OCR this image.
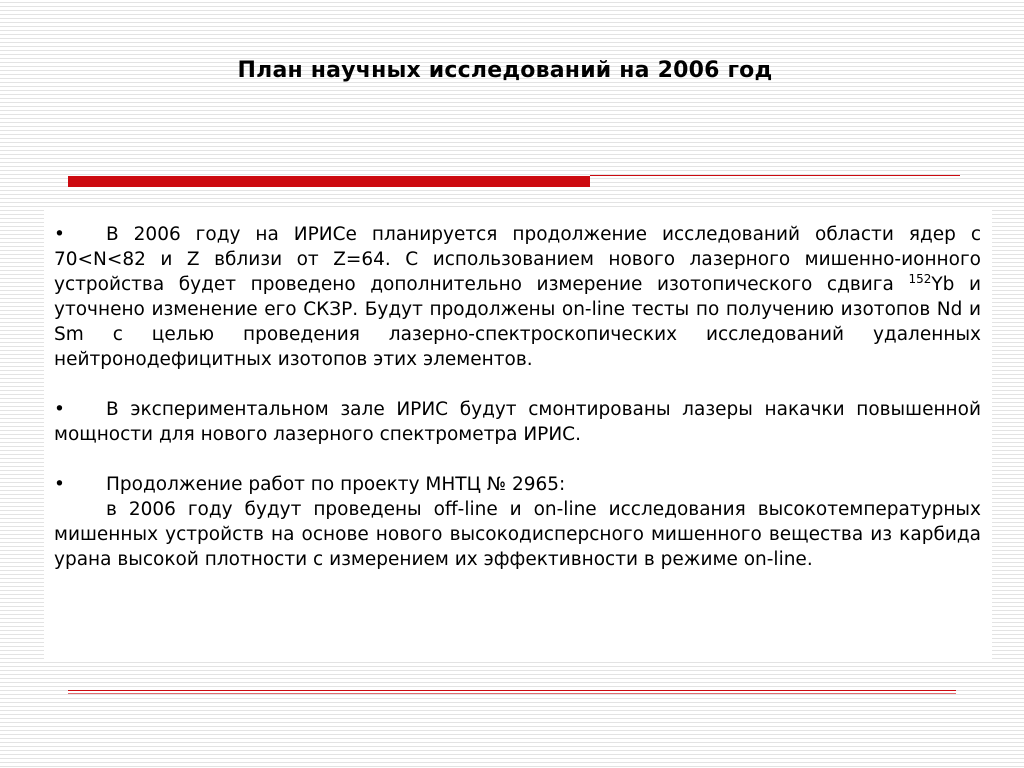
План научных исследований на 2006 год

• В 2006 году на ИРИСе планируется продолжение исследований области ядер с 70<N<82 и Z вблизи от Z=64. С использованием нового лазерного мишенно-ионного устройства будет проведено дополнительно измерение изотопического сдвига $^{152}$Yb и уточнено изменение его СКЗР. Будут продолжены on-line тесты по получению изотопов Nd и Sm с целью проведения лазерно-спектроскопических исследований удаленных нейтронодефицитных изотопов этих элементов.

• В экспериментальном зале ИРИС будут смонтированы лазеры накачки повышенной мощности для нового лазерного спектрометра ИРИС.

• Продолжение работ по проекту МНТЦ № 2965:

в 2006 году будут проведены off-line и on-line исследования высокотемпературных мишенных устройств на основе нового высокодисперсного мишенного вещества из карбида урана высокой плотности с измерением их эффективности в режиме on-line.
